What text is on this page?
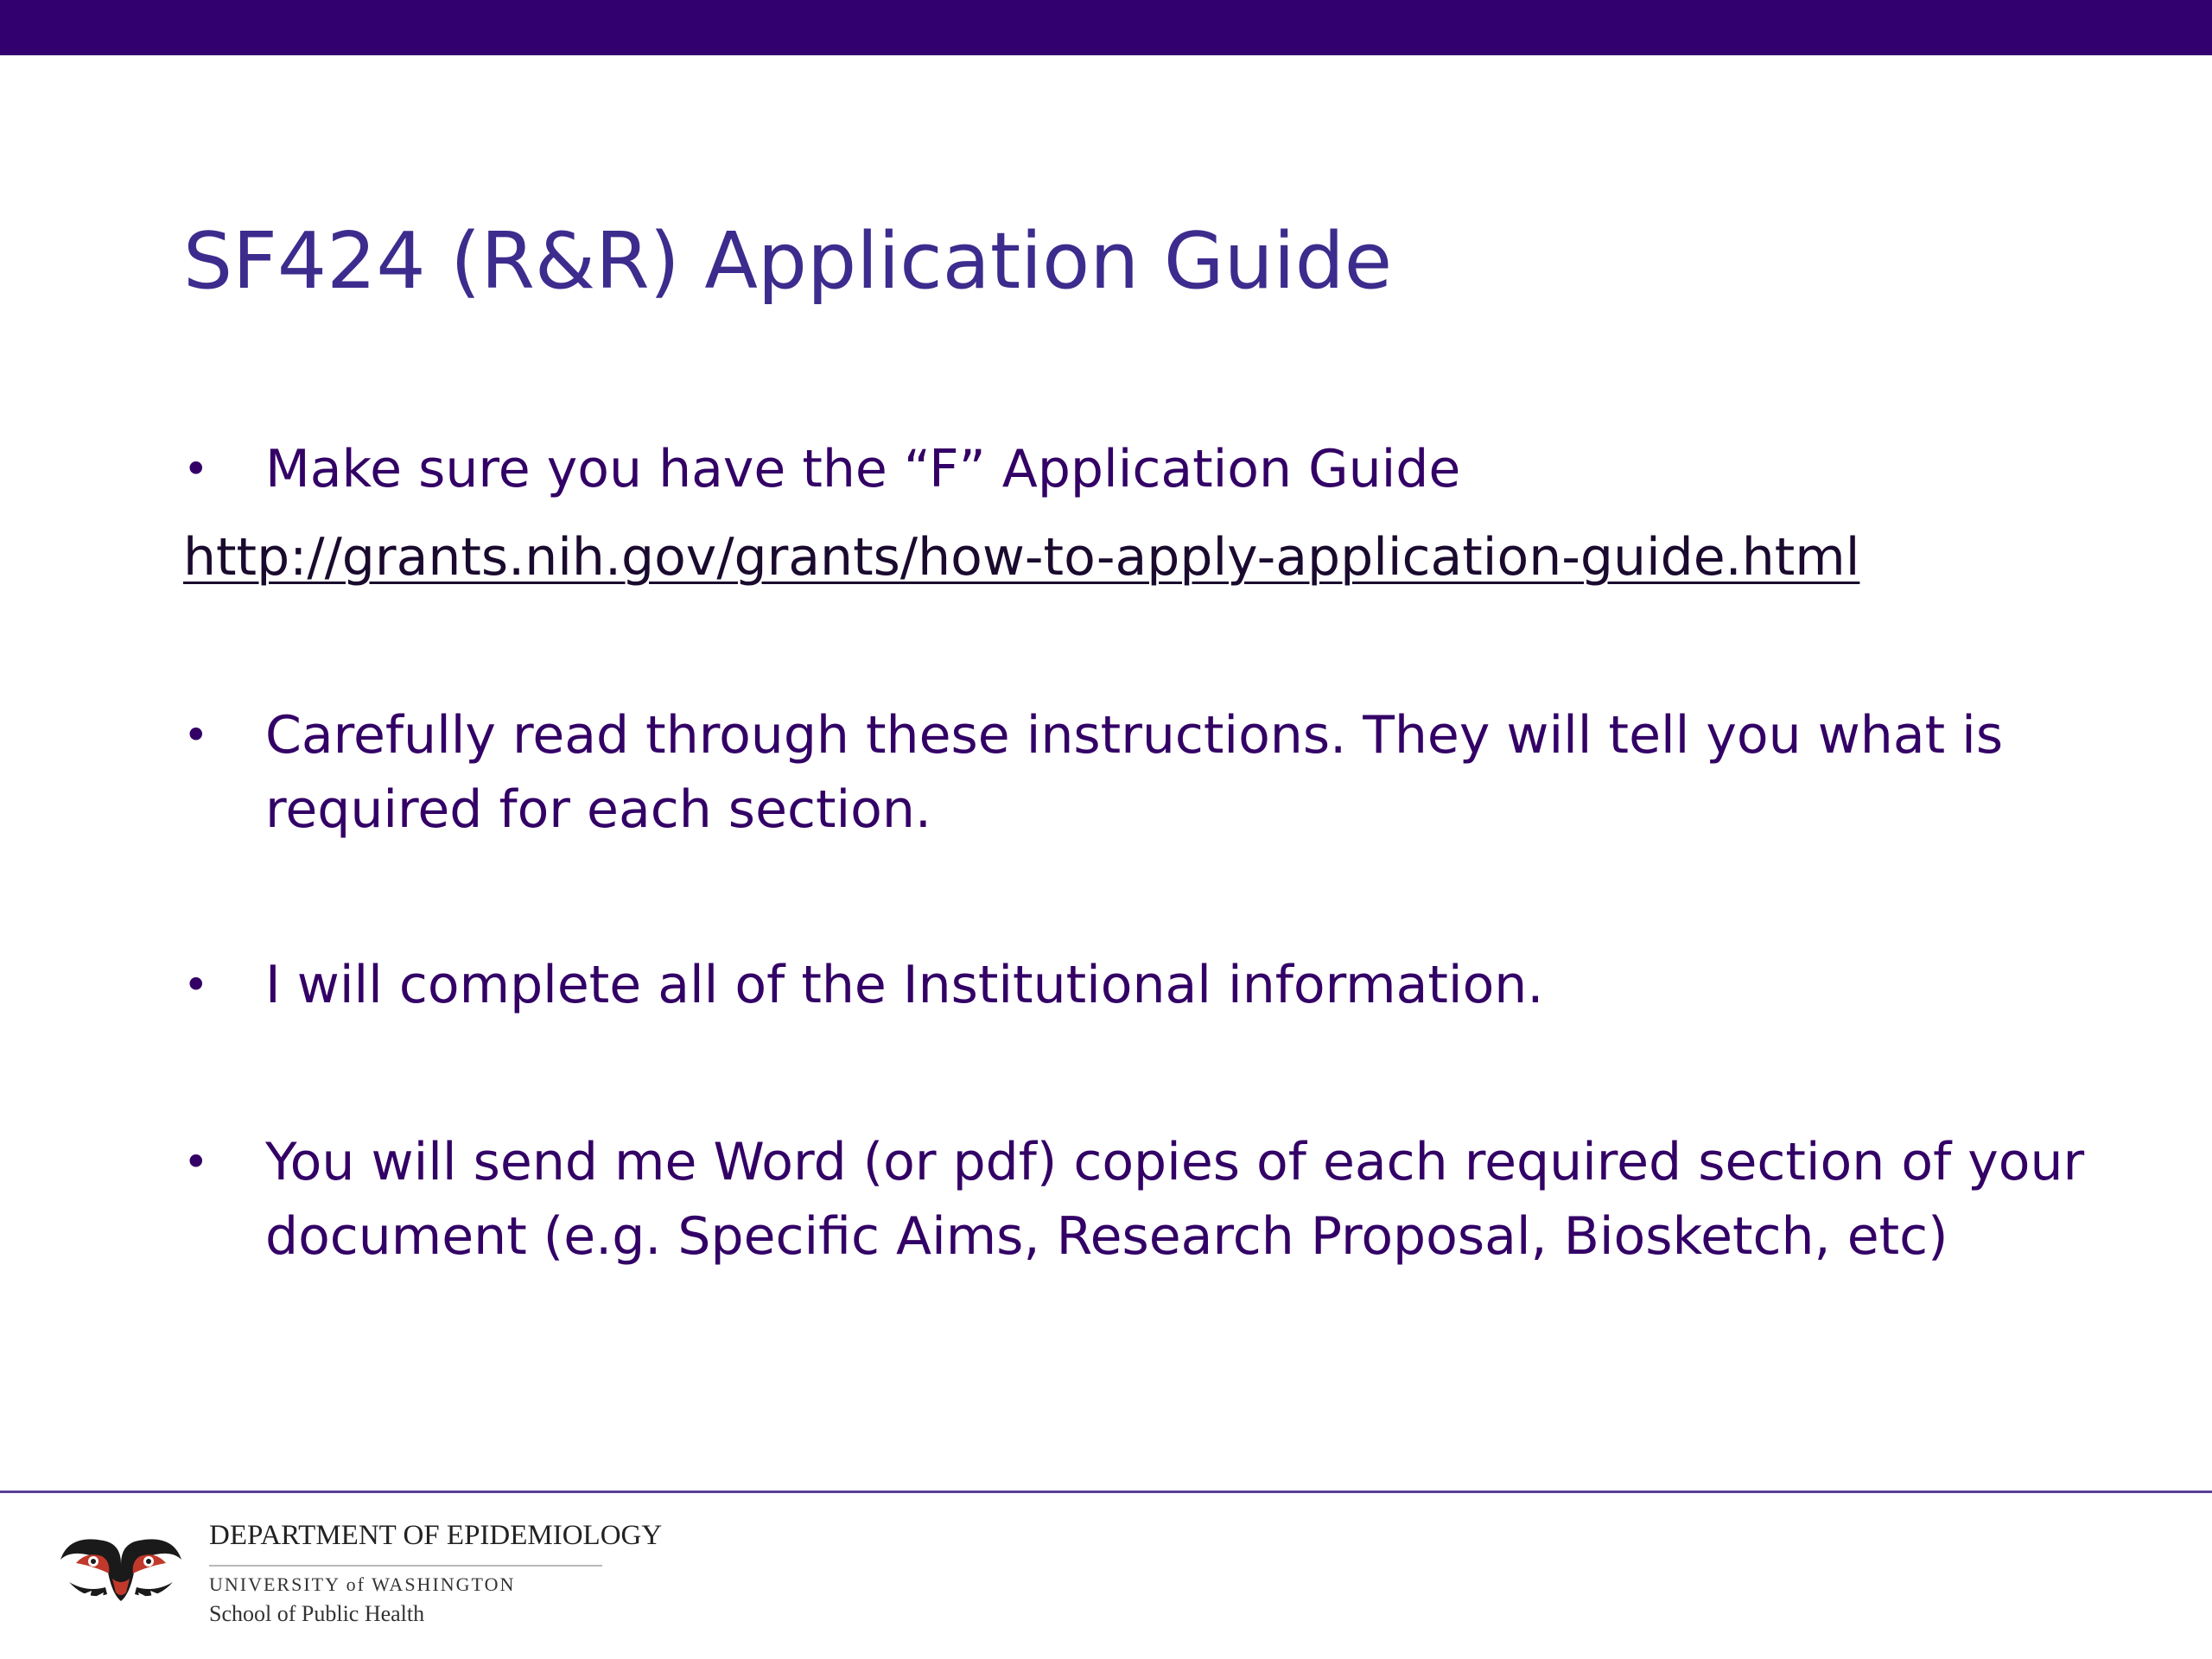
SF424 (R&R) Application Guide
•	Make sure you have the “F” Application Guide
http://grants.nih.gov/grants/how-to-apply-application-guide.html
•	Carefully read through these instructions. They will tell you what is required for each section.
•	I will complete all of the Institutional information.
•	You will send me Word (or pdf) copies of each required section of your document (e.g. Specific Aims, Research Proposal, Biosketch, etc)
DEPARTMENT OF EPIDEMIOLOGY
UNIVERSITY of WASHINGTON
School of Public Health
